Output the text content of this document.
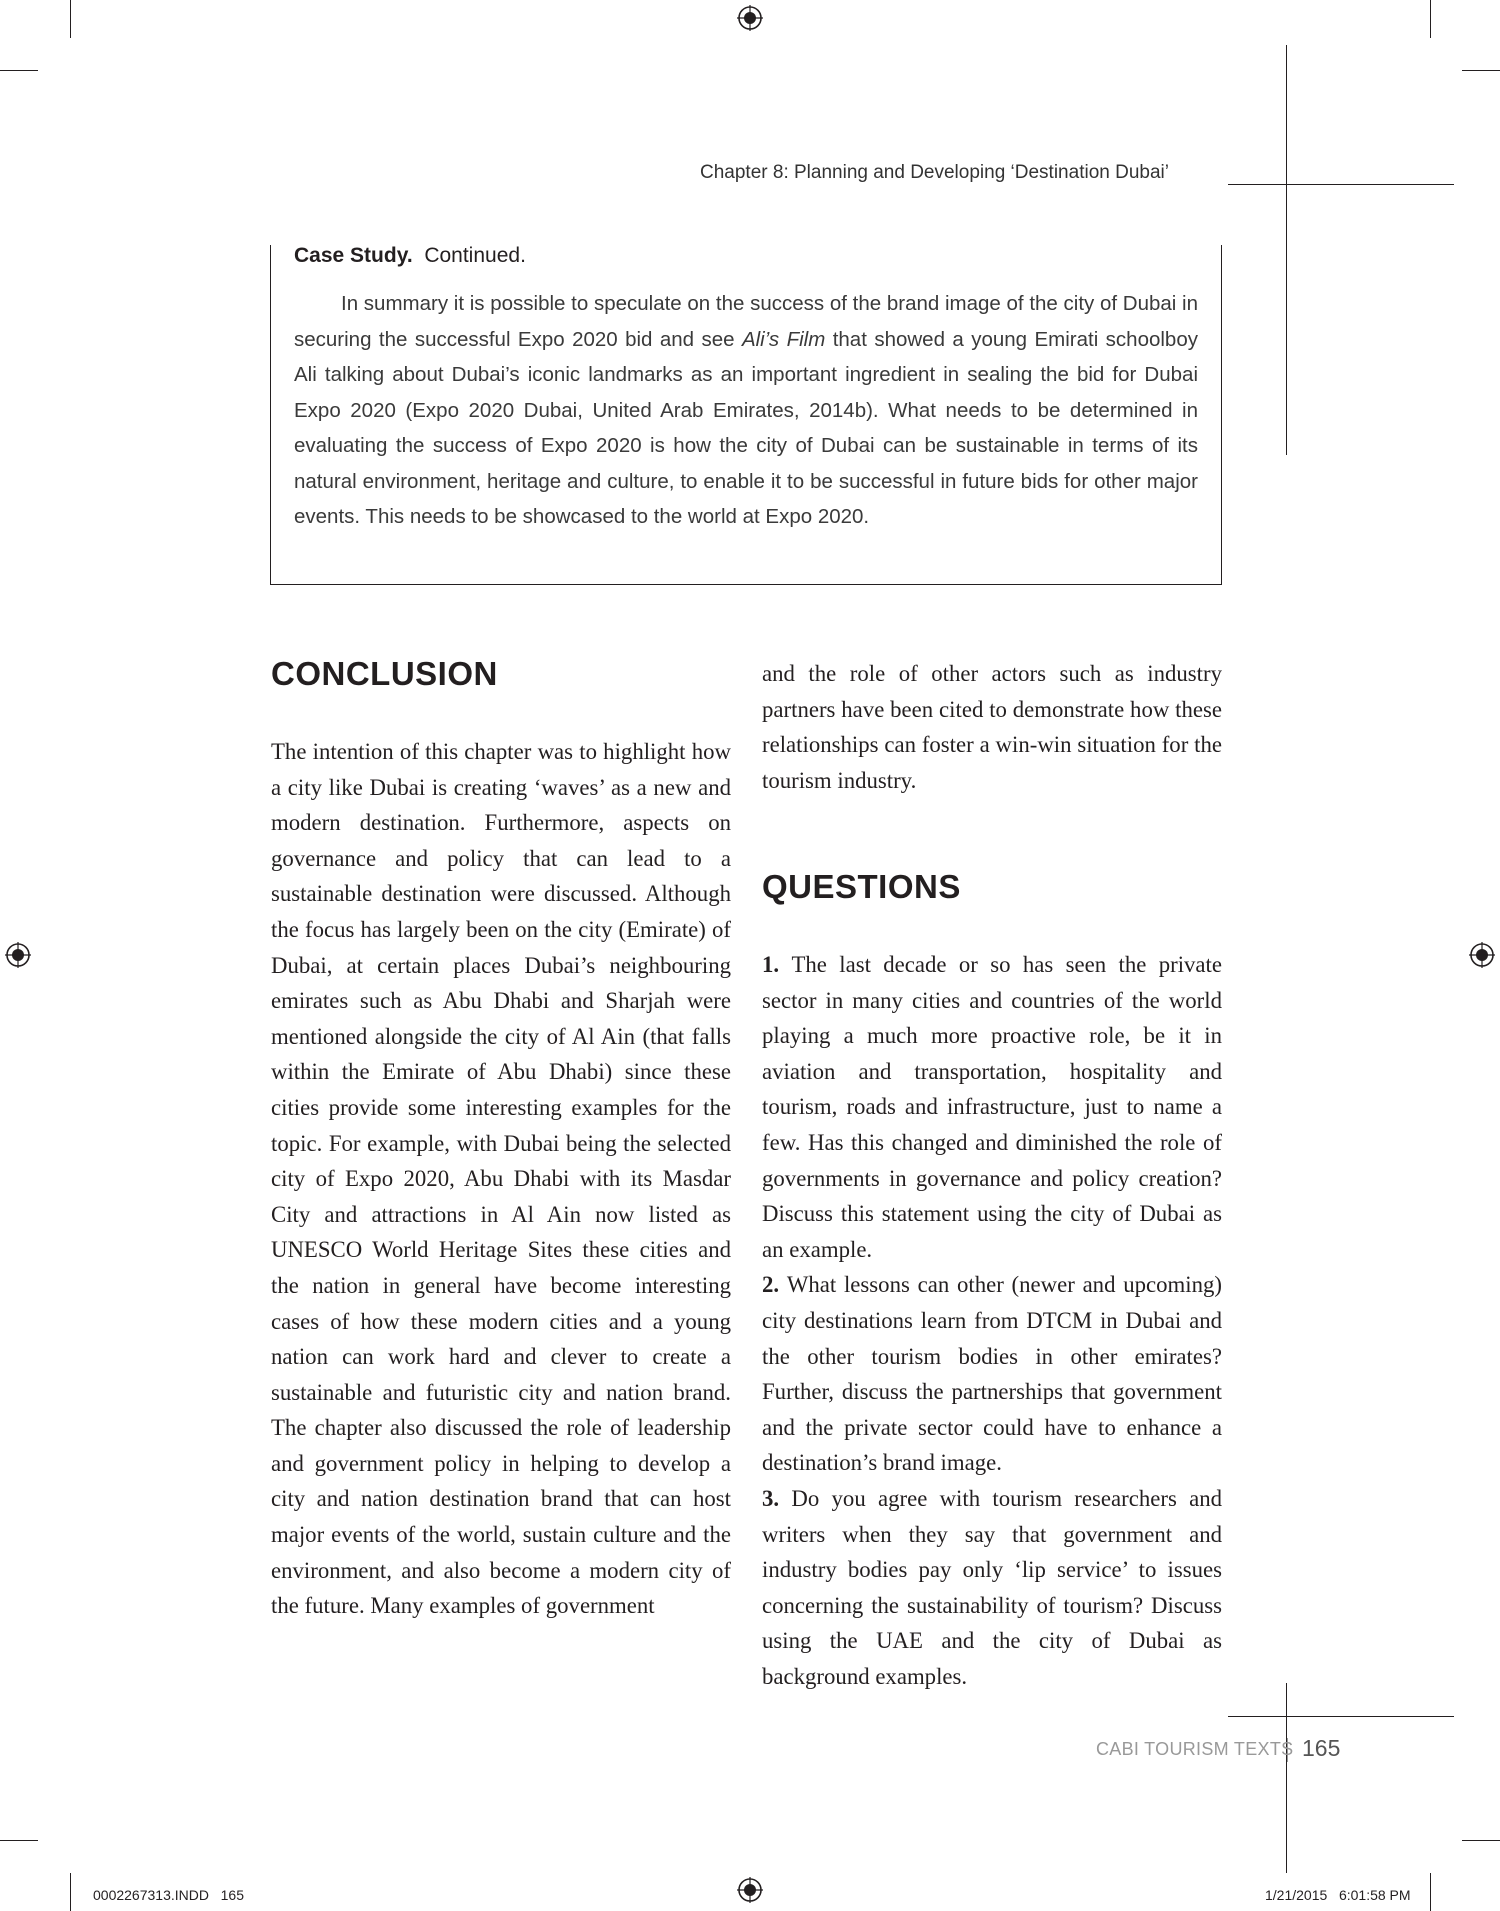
Chapter 8: Planning and Developing ‘Destination Dubai’
Case Study. Continued.

In summary it is possible to speculate on the success of the brand image of the city of Dubai in securing the successful Expo 2020 bid and see Ali’s Film that showed a young Emirati schoolboy Ali talking about Dubai’s iconic landmarks as an important ingredient in sealing the bid for Dubai Expo 2020 (Expo 2020 Dubai, United Arab Emirates, 2014b). What needs to be determined in evaluating the success of Expo 2020 is how the city of Dubai can be sustainable in terms of its natural environment, heritage and culture, to enable it to be successful in future bids for other major events. This needs to be showcased to the world at Expo 2020.

CONCLUSION

The intention of this chapter was to highlight how a city like Dubai is creating ‘waves’ as a new and modern destination. Furthermore, aspects on governance and policy that can lead to a sustainable destination were discussed. Although the focus has largely been on the city (Emirate) of Dubai, at certain places Dubai’s neighbouring emirates such as Abu Dhabi and Sharjah were mentioned alongside the city of Al Ain (that falls within the Emirate of Abu Dhabi) since these cities provide some interesting examples for the topic. For example, with Dubai being the selected city of Expo 2020, Abu Dhabi with its Masdar City and attractions in Al Ain now listed as UNESCO World Heritage Sites these cities and the nation in general have become interesting cases of how these modern cities and a young nation can work hard and clever to create a sustainable and futuristic city and nation brand. The chapter also discussed the role of leadership and government policy in helping to develop a city and nation destination brand that can host major events of the world, sustain culture and the environment, and also become a modern city of the future. Many examples of government

and the role of other actors such as industry partners have been cited to demonstrate how these relationships can foster a win-win situation for the tourism industry.

QUESTIONS

1. The last decade or so has seen the private sector in many cities and countries of the world playing a much more proactive role, be it in aviation and transportation, hospitality and tourism, roads and infrastructure, just to name a few. Has this changed and diminished the role of governments in governance and policy creation? Discuss this statement using the city of Dubai as an example.

2. What lessons can other (newer and upcoming) city destinations learn from DTCM in Dubai and the other tourism bodies in other emirates? Further, discuss the partnerships that government and the private sector could have to enhance a destination’s brand image.

3. Do you agree with tourism researchers and writers when they say that government and industry bodies pay only ‘lip service’ to issues concerning the sustainability of tourism? Discuss using the UAE and the city of Dubai as background examples.

CABI TOURISM TEXTS 165
0002267313.INDD   165	1/21/2015   6:01:58 PM
